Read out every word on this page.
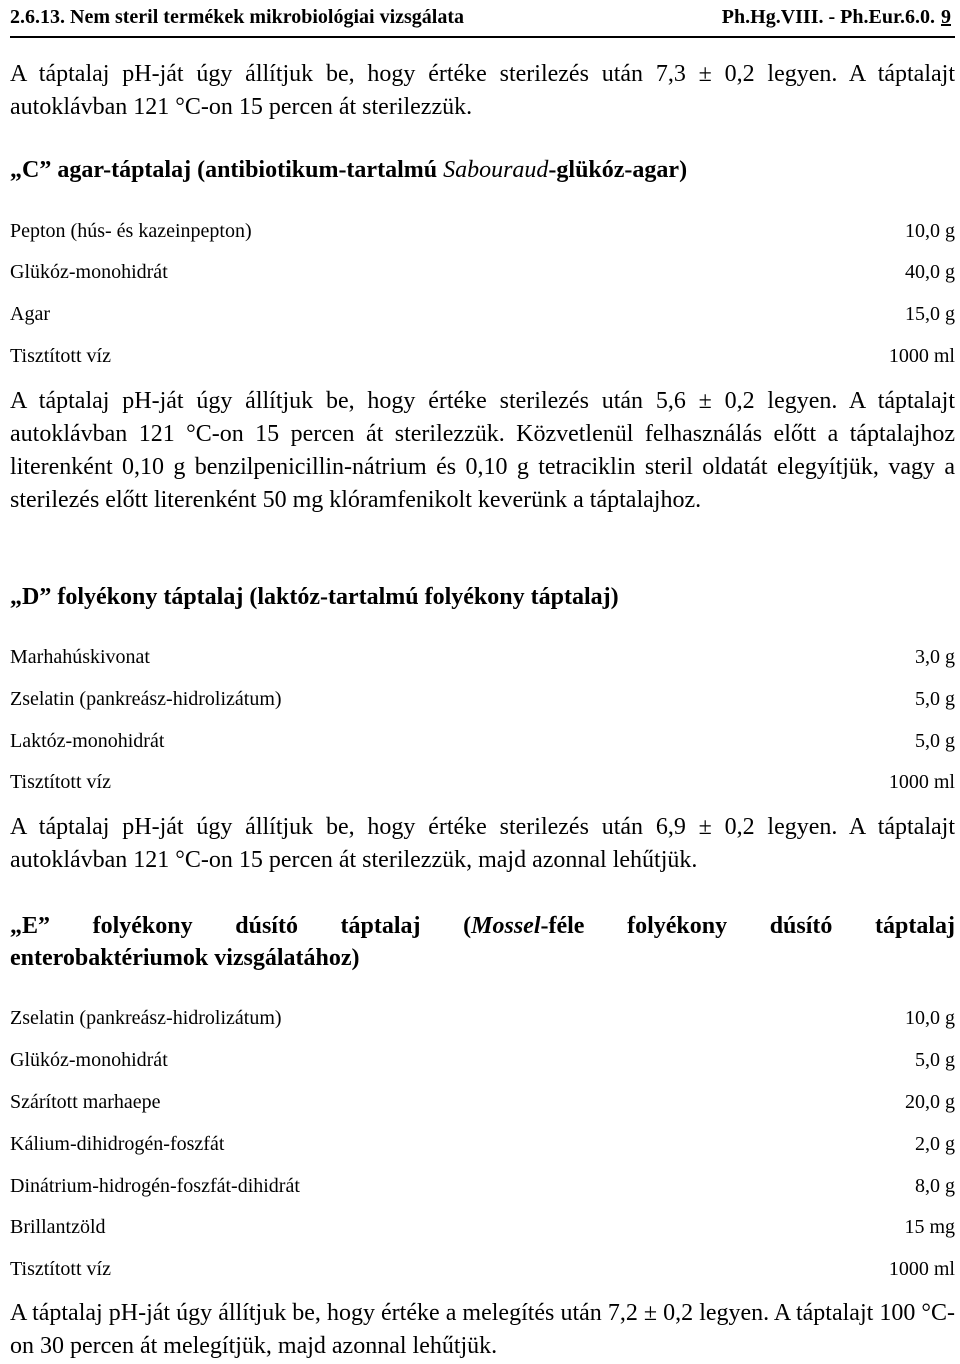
2.6.13. Nem steril termékek mikrobiológiai vizsgálata	Ph.Hg.VIII. - Ph.Eur.6.0. 9
A táptalaj pH-ját úgy állítjuk be, hogy értéke sterilezés után 7,3 ± 0,2 legyen. A táptalajt autoklávban 121 °C-on 15 percen át sterilezzük.
„C” agar-táptalaj (antibiotikum-tartalmú Sabouraud-glükóz-agar)
Pepton (hús- és kazeinpepton)	10,0 g
Glükóz-monohidrát	40,0 g
Agar	15,0 g
Tisztított víz	1000 ml
A táptalaj pH-ját úgy állítjuk be, hogy értéke sterilezés után 5,6 ± 0,2 legyen. A táptalajt autoklávban 121 °C-on 15 percen át sterilezzük. Közvetlenül felhasználás előtt a táptalajhoz literenként 0,10 g benzilpenicillin-nátrium és 0,10 g tetraciklin steril oldatát elegyítjük, vagy a sterilezés előtt literenként 50 mg klóramfenikolt keverünk a táptalajhoz.
„D” folyékony táptalaj (laktóz-tartalmú folyékony táptalaj)
Marhahúskivonat	3,0 g
Zselatin (pankreász-hidrolizátum)	5,0 g
Laktóz-monohidrát	5,0 g
Tisztított víz	1000 ml
A táptalaj pH-ját úgy állítjuk be, hogy értéke sterilezés után 6,9 ± 0,2 legyen. A táptalajt autoklávban 121 °C-on 15 percen át sterilezzük, majd azonnal lehűtjük.
„E” folyékony dúsító táptalaj (Mossel-féle folyékony dúsító táptalaj
enterobaktériumok vizsgálatához)
Zselatin (pankreász-hidrolizátum)	10,0 g
Glükóz-monohidrát	5,0 g
Szárított marhaepe	20,0 g
Kálium-dihidrogén-foszfát	2,0 g
Dinátrium-hidrogén-foszfát-dihidrát	8,0 g
Brillantzöld	15 mg
Tisztított víz	1000 ml
A táptalaj pH-ját úgy állítjuk be, hogy értéke a melegítés után 7,2 ± 0,2 legyen. A táptalajt 100 °C-on 30 percen át melegítjük, majd azonnal lehűtjük.
